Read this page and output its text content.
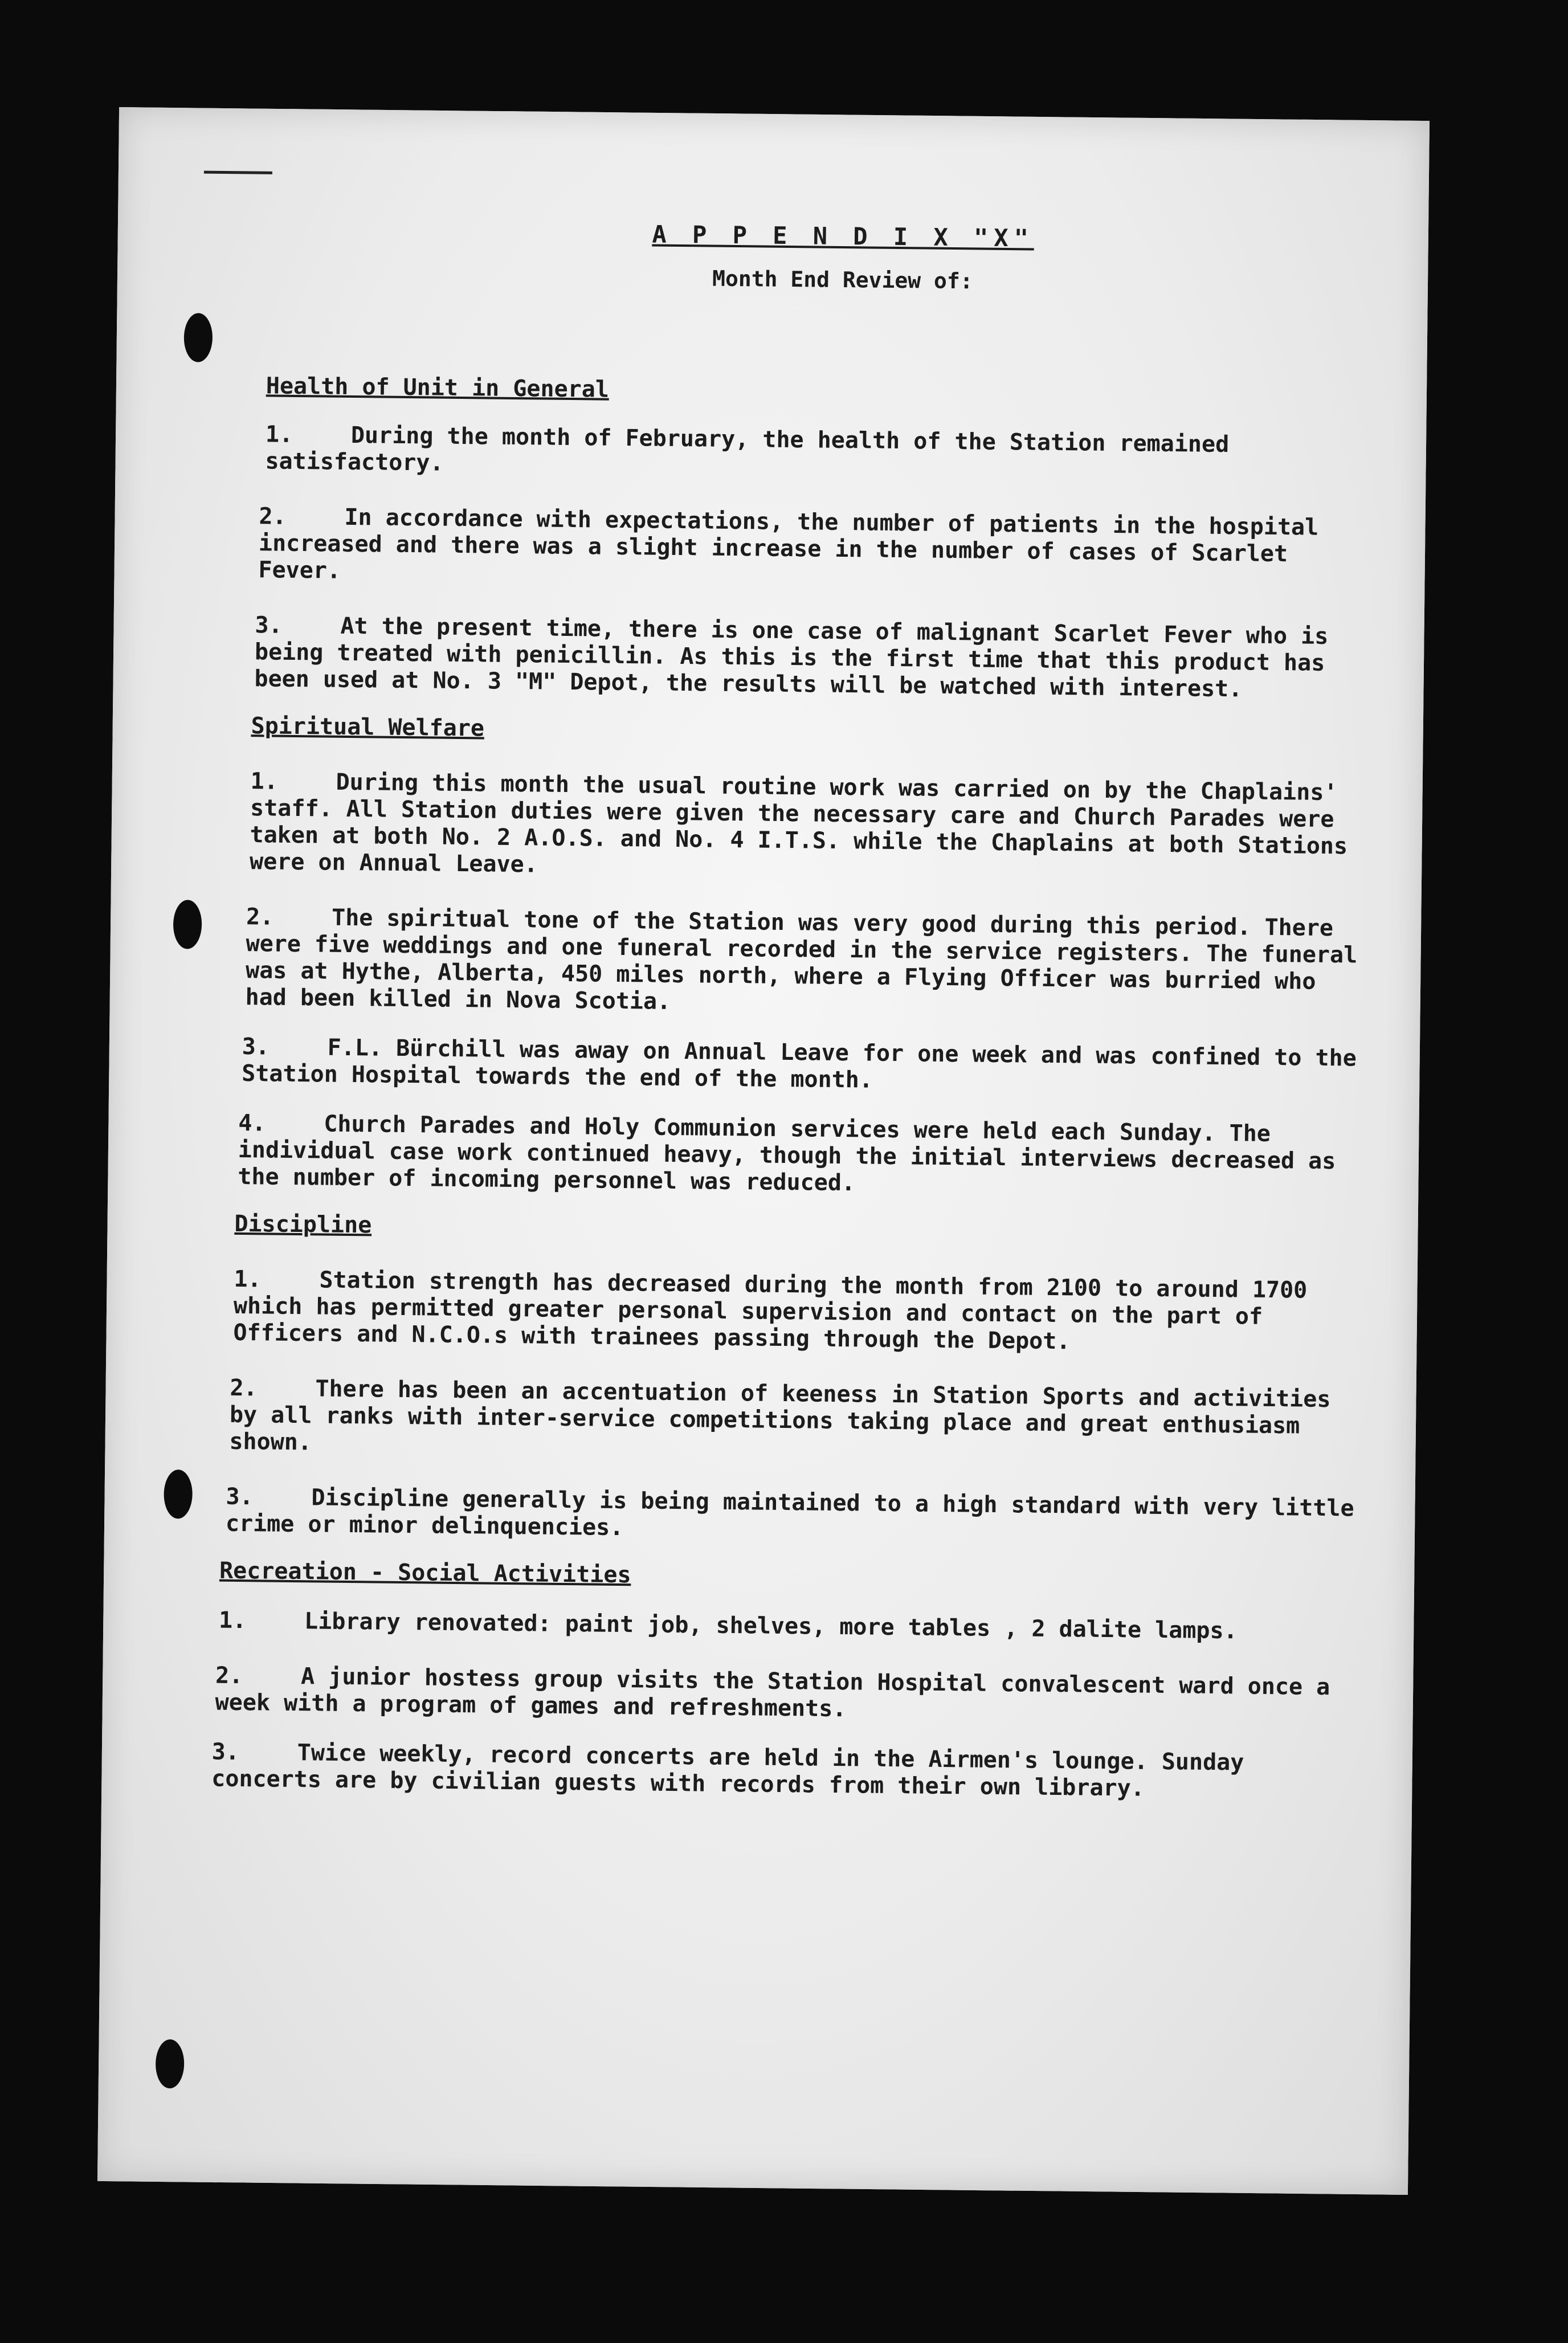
A P P E N D I X "X"
Month End Review of:
Health of Unit in General

1.	During the month of February, the health of the Station remained satisfactory.

2.	In accordance with expectations, the number of patients in the hospital increased and there was a slight increase in the number of cases of Scarlet Fever.

3.	At the present time, there is one case of malignant Scarlet Fever who is being treated with penicillin. As this is the first time that this product has been used at No. 3 "M" Depot, the results will be watched with interest.

Spiritual Welfare

1.	During this month the usual routine work was carried on by the Chaplains' staff. All Station duties were given the necessary care and Church Parades were taken at both No. 2 A.O.S. and No. 4 I.T.S. while the Chaplains at both Stations were on Annual Leave.

2.	The spiritual tone of the Station was very good during this period. There were five weddings and one funeral recorded in the service registers. The funeral was at Hythe, Alberta, 450 miles north, where a Flying Officer was burried who had been killed in Nova Scotia.

3.	F.L. Bürchill was away on Annual Leave for one week and was confined to the Station Hospital towards the end of the month.

4.	Church Parades and Holy Communion services were held each Sunday. The individual case work continued heavy, though the initial interviews decreased as the number of incoming personnel was reduced.

Discipline

1.	Station strength has decreased during the month from 2100 to around 1700 which has permitted greater personal supervision and contact on the part of Officers and N.C.O.s with trainees passing through the Depot.

2.	There has been an accentuation of keeness in Station Sports and activities by all ranks with inter-service competitions taking place and great enthusiasm shown.

3.	Discipline generally is being maintained to a high standard with very little crime or minor delinquencies.

Recreation - Social Activities

1.	Library renovated: paint job, shelves, more tables , 2 dalite lamps.

2.	A junior hostess group visits the Station Hospital convalescent ward once a week with a program of games and refreshments.

3.	Twice weekly, record concerts are held in the Airmen's lounge. Sunday concerts are by civilian guests with records from their own library.
